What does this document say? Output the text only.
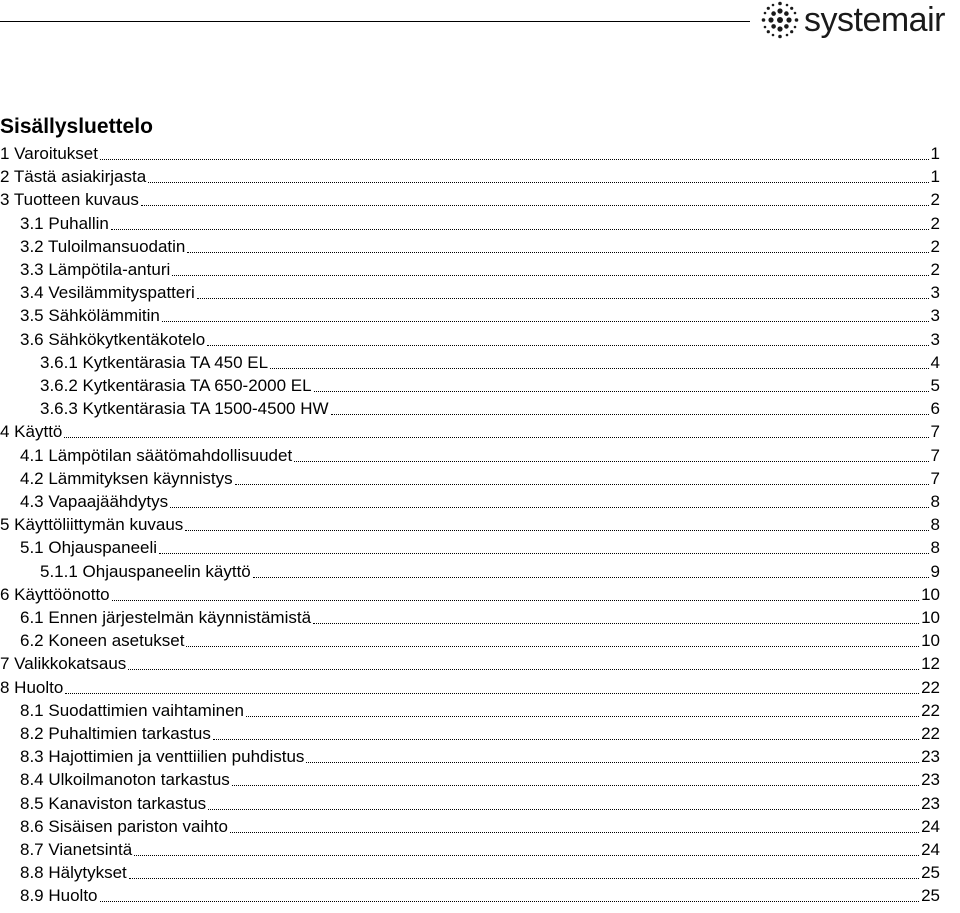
systemair
Sisällysluettelo
1 Varoitukset	1
2 Tästä asiakirjasta	1
3 Tuotteen kuvaus	2
3.1 Puhallin	2
3.2 Tuloilmansuodatin	2
3.3 Lämpötila-anturi	2
3.4 Vesilämmityspatteri	3
3.5 Sähkölämmitin	3
3.6 Sähkökytkentäkotelo	3
3.6.1 Kytkentärasia TA 450 EL	4
3.6.2 Kytkentärasia TA 650-2000 EL	5
3.6.3 Kytkentärasia TA 1500-4500 HW	6
4 Käyttö	7
4.1 Lämpötilan säätömahdollisuudet	7
4.2 Lämmityksen käynnistys	7
4.3 Vapaajäähdytys	8
5 Käyttöliittymän kuvaus	8
5.1 Ohjauspaneeli	8
5.1.1 Ohjauspaneelin käyttö	9
6 Käyttöönotto	10
6.1 Ennen järjestelmän käynnistämistä	10
6.2 Koneen asetukset	10
7 Valikkokatsaus	12
8 Huolto	22
8.1 Suodattimien vaihtaminen	22
8.2 Puhaltimien tarkastus	22
8.3 Hajottimien ja venttiilien puhdistus	23
8.4 Ulkoilmanoton tarkastus	23
8.5 Kanaviston tarkastus	23
8.6 Sisäisen pariston vaihto	24
8.7 Vianetsintä	24
8.8 Hälytykset	25
8.9 Huolto	25
